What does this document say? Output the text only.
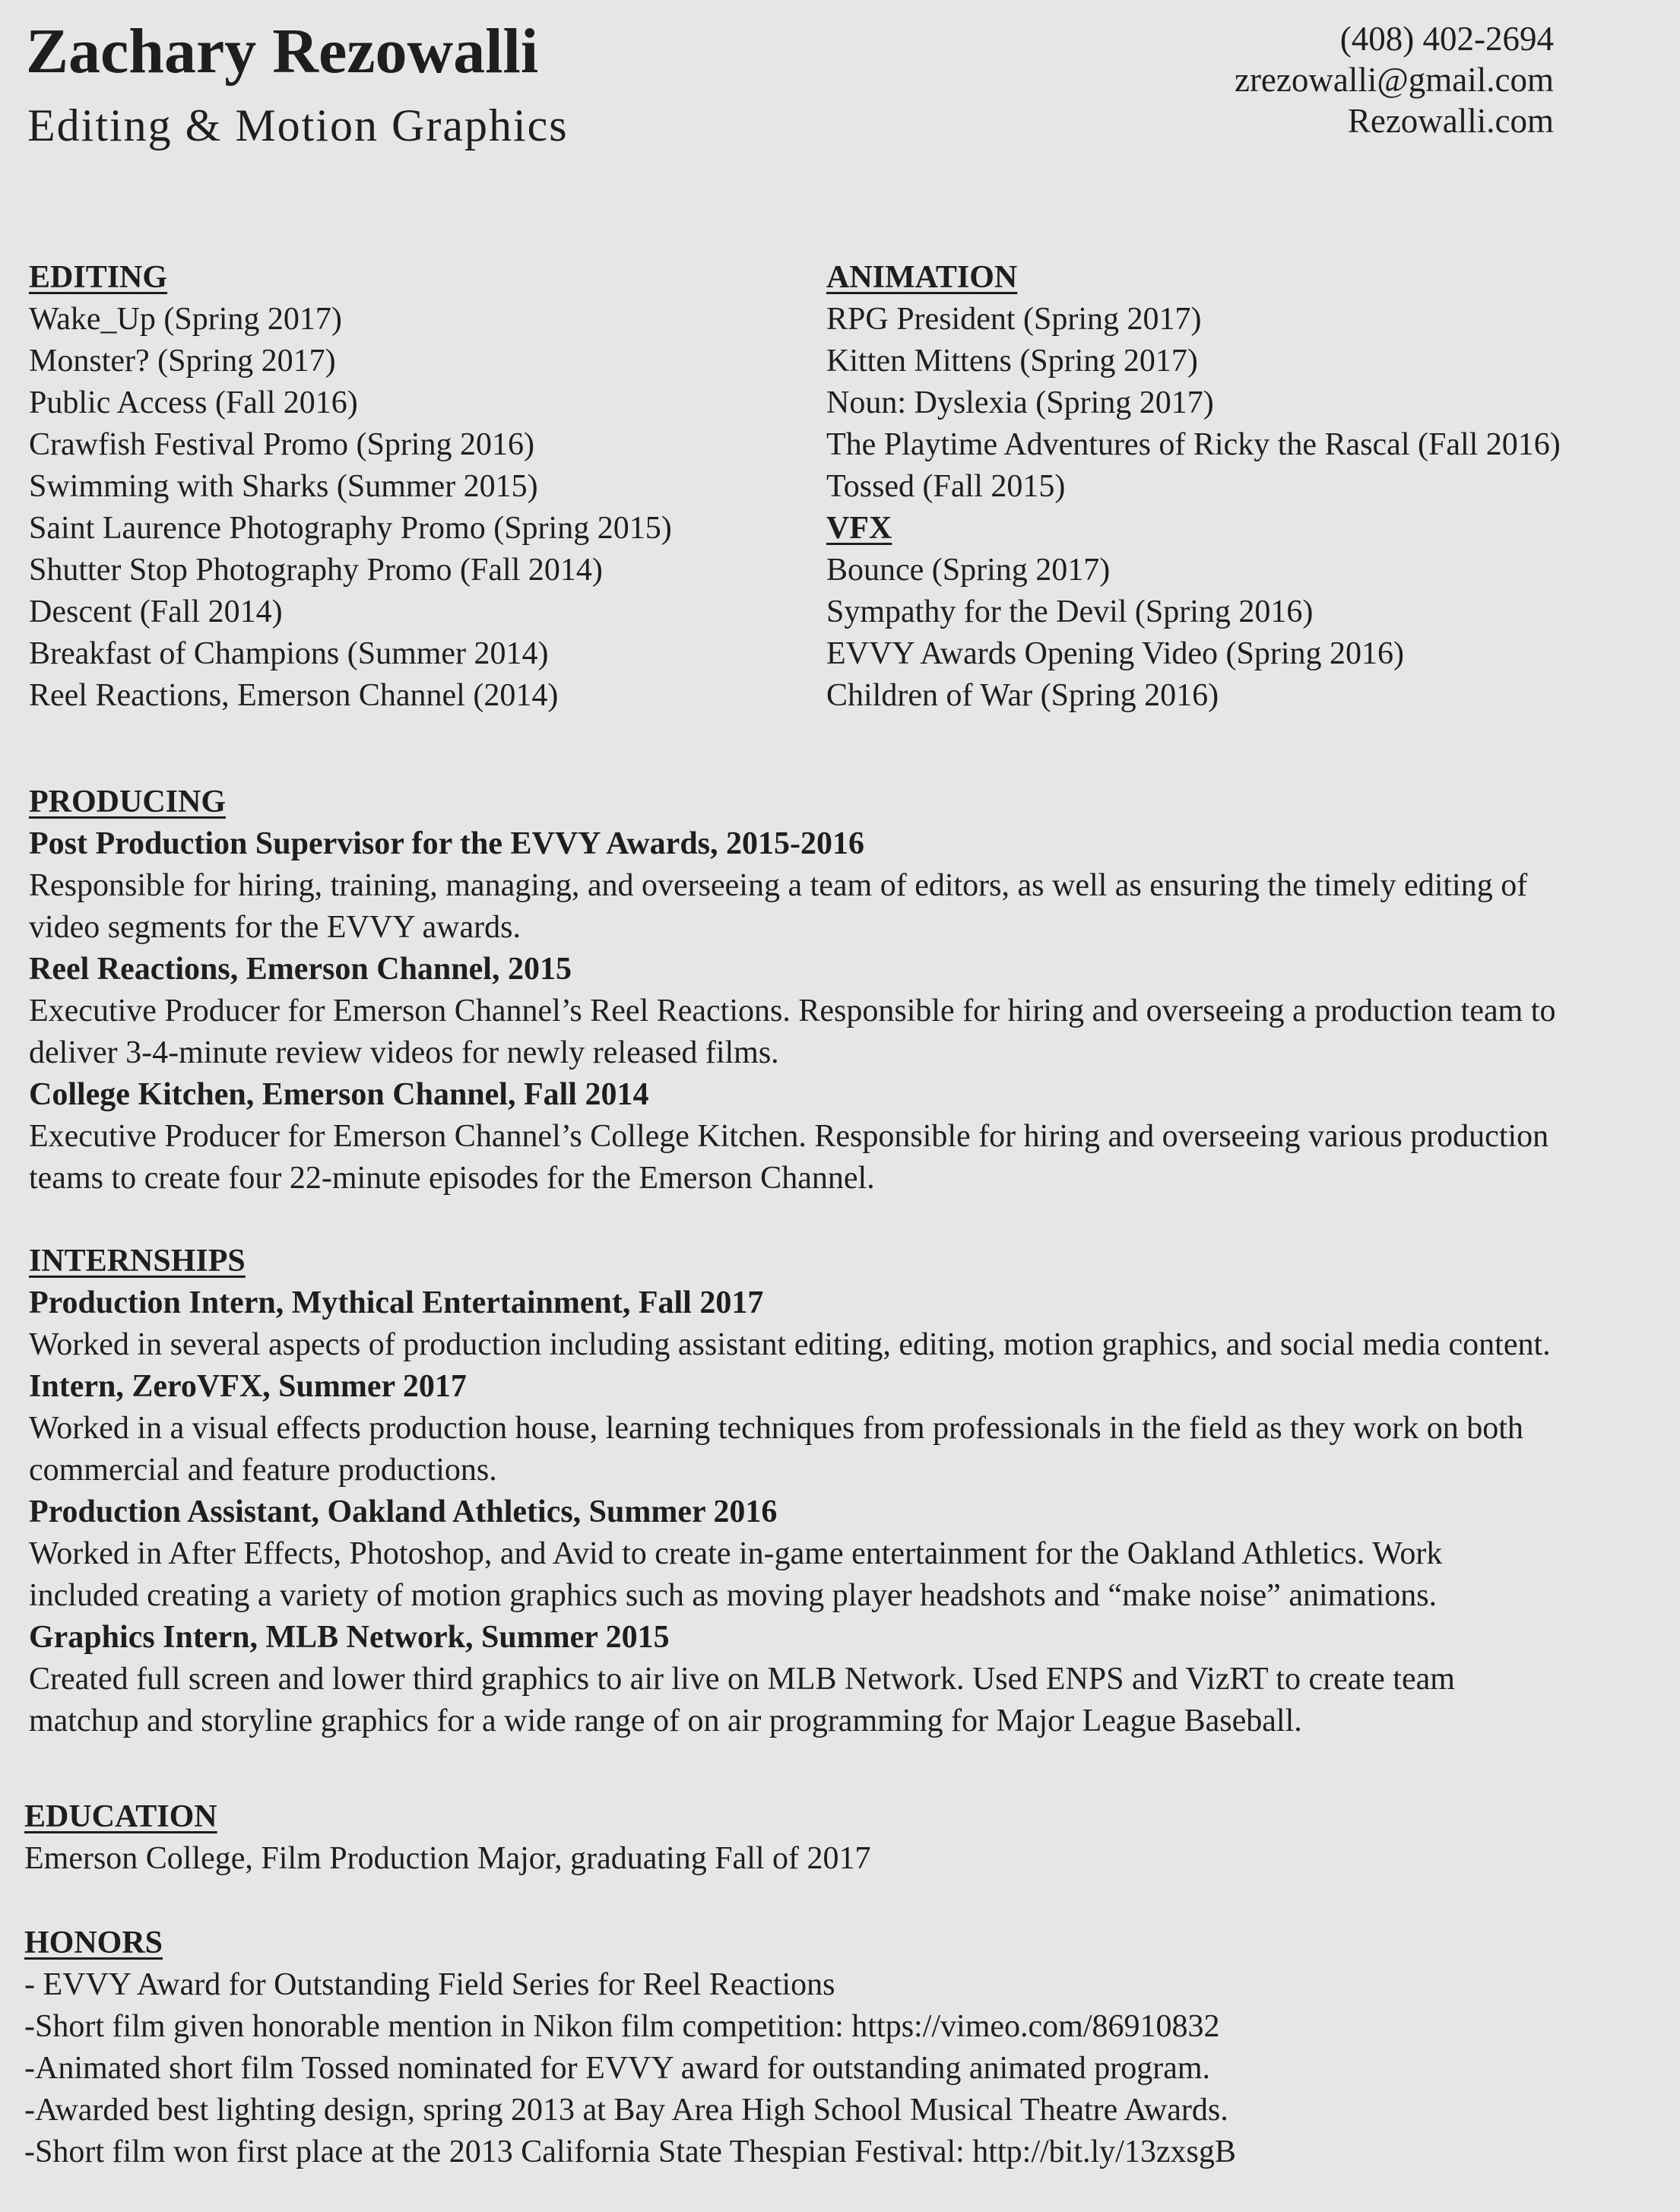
Zachary Rezowalli
Editing & Motion Graphics
(408) 402-2694
zrezowalli@gmail.com
Rezowalli.com
EDITING
Wake_Up (Spring 2017)
Monster? (Spring 2017)
Public Access (Fall 2016)
Crawfish Festival Promo (Spring 2016)
Swimming with Sharks (Summer 2015)
Saint Laurence Photography Promo (Spring 2015)
Shutter Stop Photography Promo (Fall 2014)
Descent (Fall 2014)
Breakfast of Champions (Summer 2014)
Reel Reactions, Emerson Channel (2014)
ANIMATION
RPG President (Spring 2017)
Kitten Mittens (Spring 2017)
Noun: Dyslexia (Spring 2017)
The Playtime Adventures of Ricky the Rascal (Fall 2016)
Tossed (Fall 2015)
VFX
Bounce (Spring 2017)
Sympathy for the Devil (Spring 2016)
EVVY Awards Opening Video (Spring 2016)
Children of War (Spring 2016)
PRODUCING
Post Production Supervisor for the EVVY Awards, 2015-2016
Responsible for hiring, training, managing, and overseeing a team of editors, as well as ensuring the timely editing of
video segments for the EVVY awards.
Reel Reactions, Emerson Channel, 2015
Executive Producer for Emerson Channel’s Reel Reactions. Responsible for hiring and overseeing a production team to
deliver 3-4-minute review videos for newly released films.
College Kitchen, Emerson Channel, Fall 2014
Executive Producer for Emerson Channel’s College Kitchen. Responsible for hiring and overseeing various production
teams to create four 22-minute episodes for the Emerson Channel.
INTERNSHIPS
Production Intern, Mythical Entertainment, Fall 2017
Worked in several aspects of production including assistant editing, editing, motion graphics, and social media content.
Intern, ZeroVFX, Summer 2017
Worked in a visual effects production house, learning techniques from professionals in the field as they work on both
commercial and feature productions.
Production Assistant, Oakland Athletics, Summer 2016
Worked in After Effects, Photoshop, and Avid to create in-game entertainment for the Oakland Athletics. Work
included creating a variety of motion graphics such as moving player headshots and “make noise” animations.
Graphics Intern, MLB Network, Summer 2015
Created full screen and lower third graphics to air live on MLB Network. Used ENPS and VizRT to create team
matchup and storyline graphics for a wide range of on air programming for Major League Baseball.
EDUCATION
Emerson College, Film Production Major, graduating Fall of 2017
HONORS
- EVVY Award for Outstanding Field Series for Reel Reactions
-Short film given honorable mention in Nikon film competition: https://vimeo.com/86910832
-Animated short film Tossed nominated for EVVY award for outstanding animated program.
-Awarded best lighting design, spring 2013 at Bay Area High School Musical Theatre Awards.
-Short film won first place at the 2013 California State Thespian Festival: http://bit.ly/13zxsgB
